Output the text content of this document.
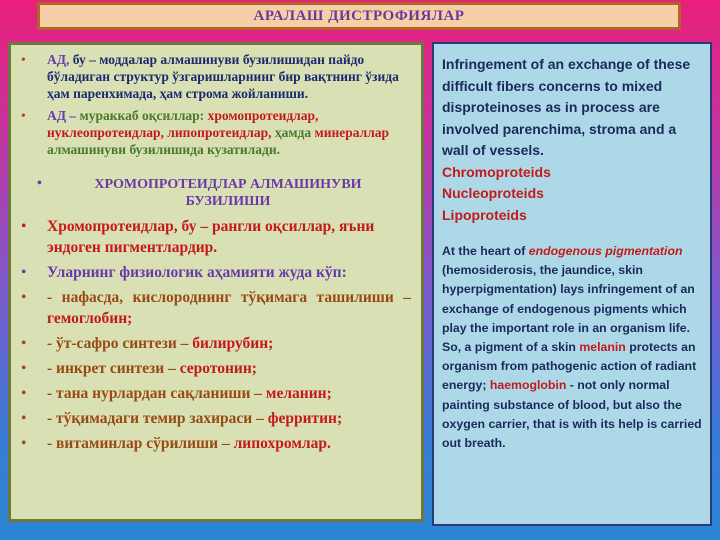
АРАЛАШ ДИСТРОФИЯЛАР
•	АД, бу – моддалар алмашинуви бузилишидан пайдо бўладиган структур ўзгаришларнинг бир вақтнинг ўзида ҳам паренхимада, ҳам строма жойланиши.
•	АД – мураккаб оқсиллар: хромопротеидлар, нуклеопротеидлар, липопротеидлар, ҳамда минераллар алмашинуви бузилишида кузатилади.
•	ХРОМОПРОТЕИДЛАР АЛМАШИНУВИ БУЗИЛИШИ
•	Хромопротеидлар, бу – рангли оқсиллар, яъни эндоген пигментлардир.
•	Уларнинг физиологик аҳамияти жуда кўп:
•	- нафасда, кислороднинг тўқимага ташилиши – гемоглобин;
•	- ўт-сафро синтези – билирубин;
•	- инкрет синтези – серотонин;
•	- тана нурлардан сақланиши – меланин;
•	- тўқимадаги темир захираси – ферритин;
•	- витаминлар сўрилиши – липохромлар.
Infringement of an exchange of these difficult fibers concerns to mixed disproteinoses as in process are involved parenchima, stroma and a wall of vessels.
Chromoproteids
Nucleoproteids
Lipoproteids
At the heart of endogenous pigmentation (hemosiderosis, the jaundice, skin hyperpigmentation) lays infringement of an exchange of endogenous pigments which play the important role in an organism life. So, a pigment of a skin melanin protects an organism from pathogenic action of radiant energy; haemoglobin - not only normal painting substance of blood, but also the oxygen carrier, that is with its help is carried out breath.
